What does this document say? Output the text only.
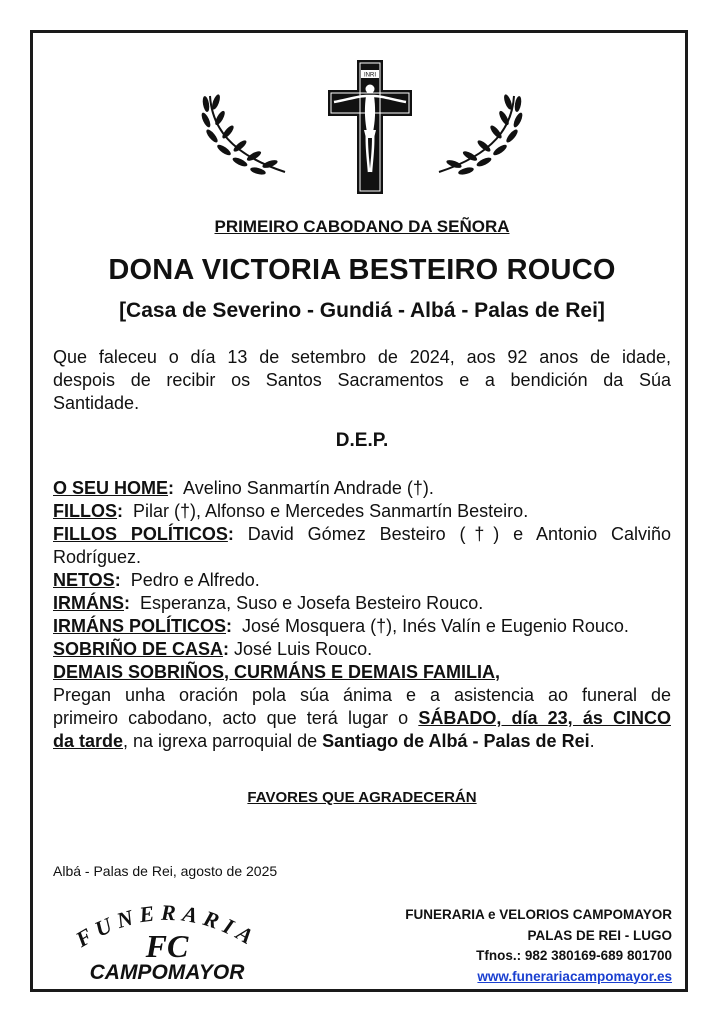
INRI
PRIMEIRO CABODANO DA SEÑORA
DONA VICTORIA BESTEIRO ROUCO
[Casa de Severino - Gundiá - Albá - Palas de Rei]
Que faleceu o día 13 de setembro de 2024, aos 92 anos de idade,
despois de recibir os Santos Sacramentos e a bendición da Súa
Santidade.
D.E.P.
O SEU HOME: Avelino Sanmartín Andrade (†).
FILLOS: Pilar (†), Alfonso e Mercedes Sanmartín Besteiro.
FILLOS POLÍTICOS: David Gómez Besteiro (†) e Antonio Calviño
Rodríguez.
NETOS: Pedro e Alfredo.
IRMÁNS: Esperanza, Suso e Josefa Besteiro Rouco.
IRMÁNS POLÍTICOS: José Mosquera (†), Inés Valín e Eugenio Rouco.
SOBRIÑO DE CASA: José Luis Rouco.
DEMAIS SOBRIÑOS, CURMÁNS E DEMAIS FAMILIA,
Pregan unha oración pola súa ánima e a asistencia ao funeral de
primeiro cabodano, acto que terá lugar o SÁBADO, día 23, ás CINCO
da tarde, na igrexa parroquial de Santiago de Albá - Palas de Rei.
FAVORES QUE AGRADECERÁN
Albá - Palas de Rei, agosto de 2025
FUNERARIA
FC
CAMPOMAYOR
FUNERARIA e VELORIOS CAMPOMAYOR
PALAS DE REI - LUGO
Tfnos.: 982 380169-689 801700
www.funerariacampomayor.es
